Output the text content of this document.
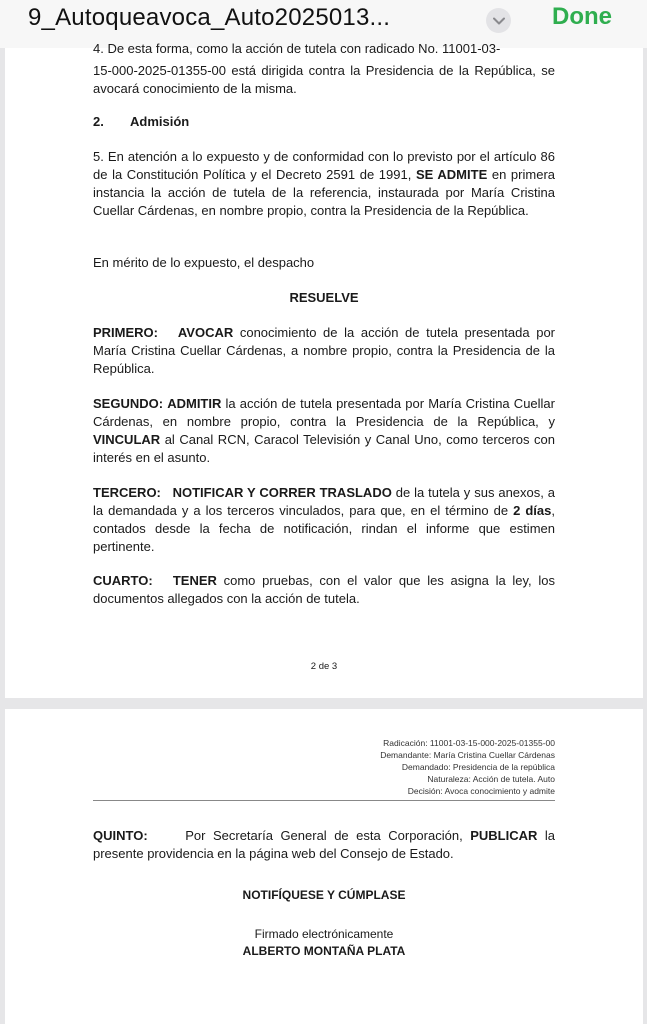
9_Autoqueavoca_Auto2025013...	Done
4. De esta forma, como la acción de tutela con radicado No. 11001-03-

15-000-2025-01355-00 está dirigida contra la Presidencia de la República, se avocará conocimiento de la misma.

2. Admisión

5. En atención a lo expuesto y de conformidad con lo previsto por el artículo 86 de la Constitución Política y el Decreto 2591 de 1991, SE ADMITE en primera instancia la acción de tutela de la referencia, instaurada por María Cristina Cuellar Cárdenas, en nombre propio, contra la Presidencia de la República.

En mérito de lo expuesto, el despacho

RESUELVE

PRIMERO: AVOCAR conocimiento de la acción de tutela presentada por María Cristina Cuellar Cárdenas, a nombre propio, contra la Presidencia de la República.

SEGUNDO: ADMITIR la acción de tutela presentada por María Cristina Cuellar Cárdenas, en nombre propio, contra la Presidencia de la República, y VINCULAR al Canal RCN, Caracol Televisión y Canal Uno, como terceros con interés en el asunto.

TERCERO: NOTIFICAR Y CORRER TRASLADO de la tutela y sus anexos, a la demandada y a los terceros vinculados, para que, en el término de 2 días, contados desde la fecha de notificación, rindan el informe que estimen pertinente.

CUARTO: TENER como pruebas, con el valor que les asigna la ley, los documentos allegados con la acción de tutela.

2 de 3

Radicación: 11001-03-15-000-2025-01355-00
Demandante: María Cristina Cuellar Cárdenas
Demandado: Presidencia de la república
Naturaleza: Acción de tutela. Auto
Decisión: Avoca conocimiento y admite

QUINTO:	Por Secretaría General de esta Corporación, PUBLICAR la presente providencia en la página web del Consejo de Estado.

NOTIFÍQUESE Y CÚMPLASE

Firmado electrónicamente

ALBERTO MONTAÑA PLATA
